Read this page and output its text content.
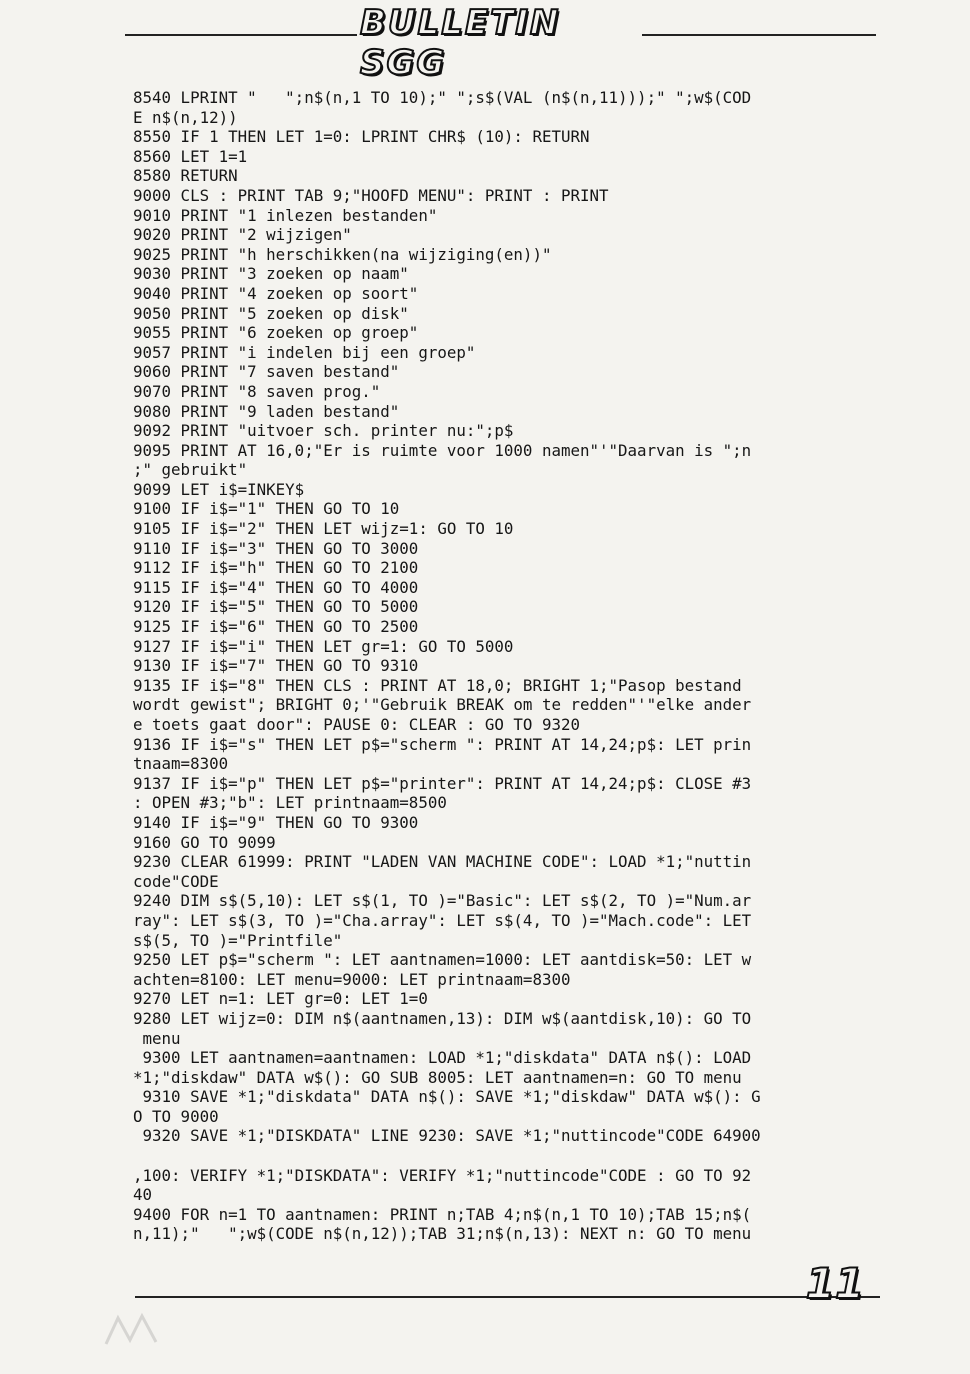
BULLETIN SGG
8540 LPRINT "   ";n$(n,1 TO 10);" ";s$(VAL (n$(n,11)));" ";w$(COD
E n$(n,12))
8550 IF 1 THEN LET 1=0: LPRINT CHR$ (10): RETURN
8560 LET 1=1
8580 RETURN
9000 CLS : PRINT TAB 9;"HOOFD MENU": PRINT : PRINT
9010 PRINT "1 inlezen bestanden"
9020 PRINT "2 wijzigen"
9025 PRINT "h herschikken(na wijziging(en))"
9030 PRINT "3 zoeken op naam"
9040 PRINT "4 zoeken op soort"
9050 PRINT "5 zoeken op disk"
9055 PRINT "6 zoeken op groep"
9057 PRINT "i indelen bij een groep"
9060 PRINT "7 saven bestand"
9070 PRINT "8 saven prog."
9080 PRINT "9 laden bestand"
9092 PRINT "uitvoer sch. printer nu:";p$
9095 PRINT AT 16,0;"Er is ruimte voor 1000 namen"'"Daarvan is ";n
;" gebruikt"
9099 LET i$=INKEY$
9100 IF i$="1" THEN GO TO 10
9105 IF i$="2" THEN LET wijz=1: GO TO 10
9110 IF i$="3" THEN GO TO 3000
9112 IF i$="h" THEN GO TO 2100
9115 IF i$="4" THEN GO TO 4000
9120 IF i$="5" THEN GO TO 5000
9125 IF i$="6" THEN GO TO 2500
9127 IF i$="i" THEN LET gr=1: GO TO 5000
9130 IF i$="7" THEN GO TO 9310
9135 IF i$="8" THEN CLS : PRINT AT 18,0; BRIGHT 1;"Pasop bestand
wordt gewist"; BRIGHT 0;'"Gebruik BREAK om te redden"'"elke ander
e toets gaat door": PAUSE 0: CLEAR : GO TO 9320
9136 IF i$="s" THEN LET p$="scherm ": PRINT AT 14,24;p$: LET prin
tnaam=8300
9137 IF i$="p" THEN LET p$="printer": PRINT AT 14,24;p$: CLOSE #3
: OPEN #3;"b": LET printnaam=8500
9140 IF i$="9" THEN GO TO 9300
9160 GO TO 9099
9230 CLEAR 61999: PRINT "LADEN VAN MACHINE CODE": LOAD *1;"nuttin
code"CODE
9240 DIM s$(5,10): LET s$(1, TO )="Basic": LET s$(2, TO )="Num.ar
ray": LET s$(3, TO )="Cha.array": LET s$(4, TO )="Mach.code": LET
s$(5, TO )="Printfile"
9250 LET p$="scherm ": LET aantnamen=1000: LET aantdisk=50: LET w
achten=8100: LET menu=9000: LET printnaam=8300
9270 LET n=1: LET gr=0: LET 1=0
9280 LET wijz=0: DIM n$(aantnamen,13): DIM w$(aantdisk,10): GO TO
menu
9300 LET aantnamen=aantnamen: LOAD *1;"diskdata" DATA n$(): LOAD
*1;"diskdaw" DATA w$(): GO SUB 8005: LET aantnamen=n: GO TO menu
9310 SAVE *1;"diskdata" DATA n$(): SAVE *1;"diskdaw" DATA w$(): G
O TO 9000
9320 SAVE *1;"DISKDATA" LINE 9230: SAVE *1;"nuttincode"CODE 64900

,100: VERIFY *1;"DISKDATA": VERIFY *1;"nuttincode"CODE : GO TO 92
40
9400 FOR n=1 TO aantnamen: PRINT n;TAB 4;n$(n,1 TO 10);TAB 15;n$(
n,11);"   ";w$(CODE n$(n,12));TAB 31;n$(n,13): NEXT n: GO TO menu
11
